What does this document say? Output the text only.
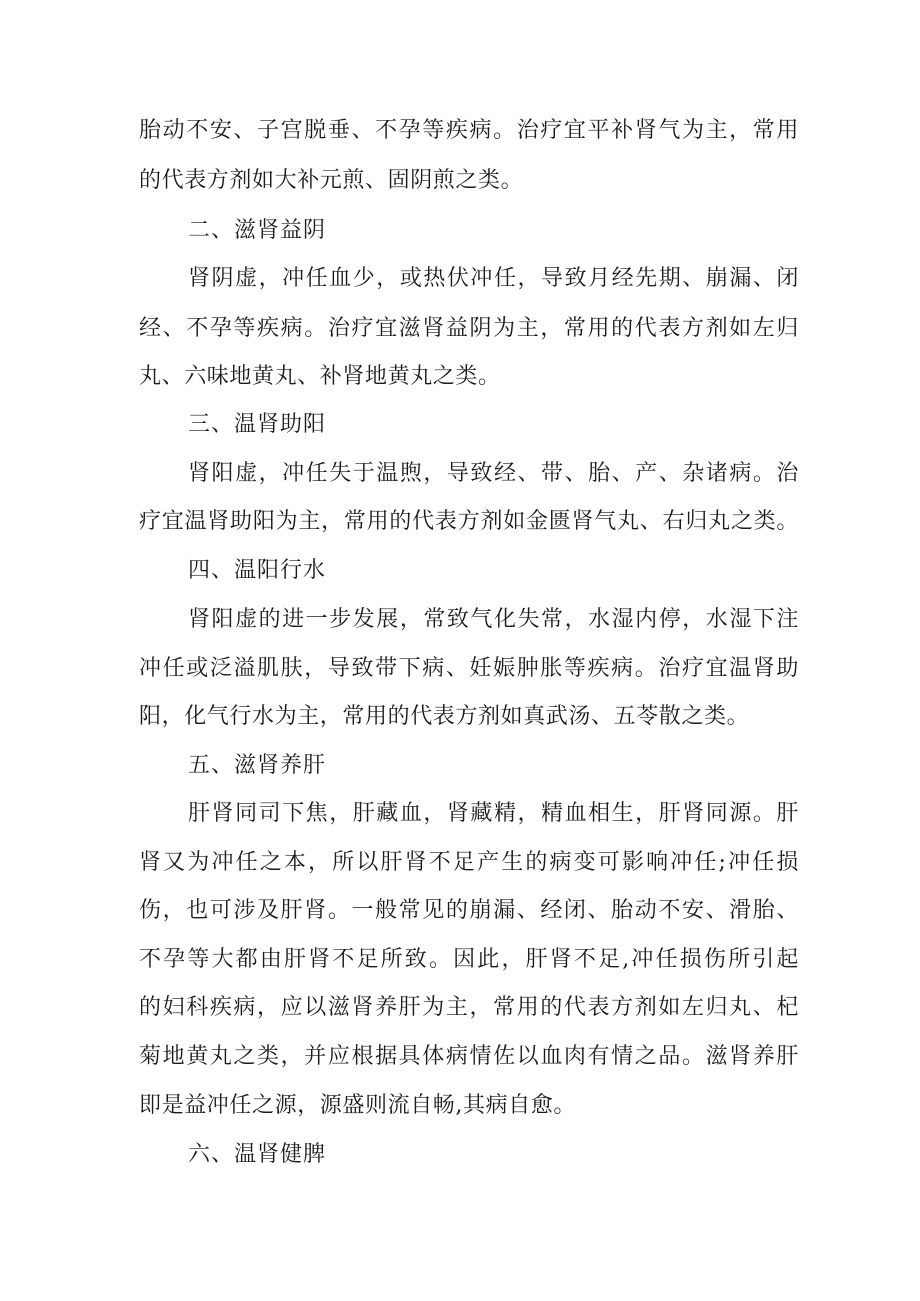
胎动不安、子宫脱垂、不孕等疾病。治疗宜平补肾气为主，常用
的代表方剂如大补元煎、固阴煎之类。
二、滋肾益阴
肾阴虚，冲任血少，或热伏冲任，导致月经先期、崩漏、闭
经、不孕等疾病。治疗宜滋肾益阴为主，常用的代表方剂如左归
丸、六味地黄丸、补肾地黄丸之类。
三、温肾助阳
肾阳虚，冲任失于温煦，导致经、带、胎、产、杂诸病。治
疗宜温肾助阳为主，常用的代表方剂如金匮肾气丸、右归丸之类。
四、温阳行水
肾阳虚的进一步发展，常致气化失常，水湿内停，水湿下注
冲任或泛溢肌肤，导致带下病、妊娠肿胀等疾病。治疗宜温肾助
阳，化气行水为主，常用的代表方剂如真武汤、五苓散之类。
五、滋肾养肝
肝肾同司下焦，肝藏血，肾藏精，精血相生，肝肾同源。肝
肾又为冲任之本，所以肝肾不足产生的病变可影响冲任;冲任损
伤，也可涉及肝肾。一般常见的崩漏、经闭、胎动不安、滑胎、
不孕等大都由肝肾不足所致。因此，肝肾不足,冲任损伤所引起
的妇科疾病，应以滋肾养肝为主，常用的代表方剂如左归丸、杞
菊地黄丸之类，并应根据具体病情佐以血肉有情之品。滋肾养肝
即是益冲任之源，源盛则流自畅,其病自愈。
六、温肾健脾
